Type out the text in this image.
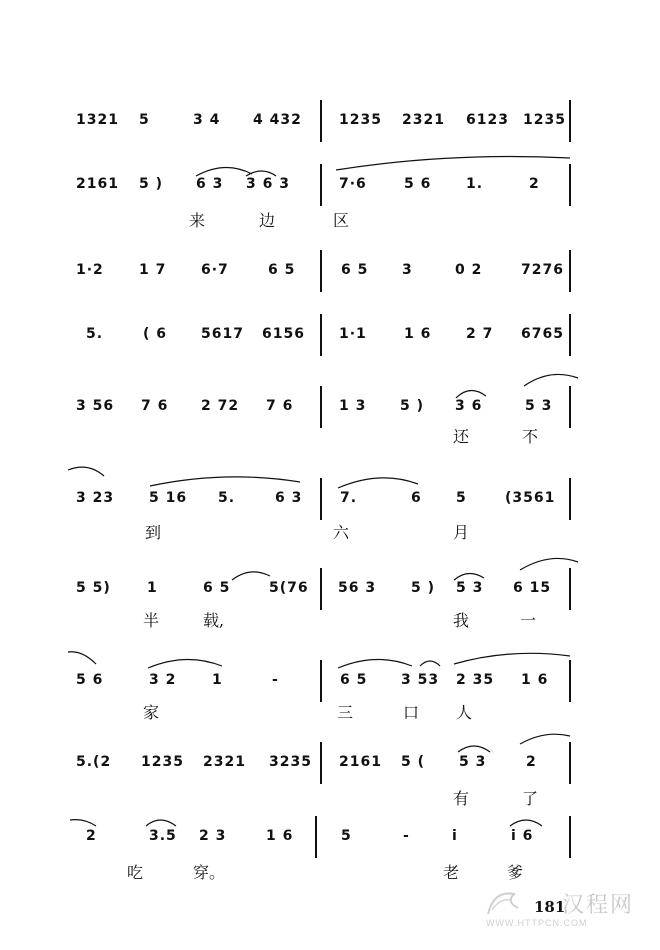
1321 5	3 4 4 432	1235 2321 6123 1235
2161 5 ) 6 3 3 6 3	7·6	5 6 1.	2
来	边	区
1·2	1 7 6·7	6 5	6 5 3	0 2	7276
5.	( 6 5617 6156 1·1	1 6 2 7 6765
3 56 7 6 2 72 7 6	1 3 5 ) 3 6	5 3
还	不
3 23 5 16 5.	6 3	7.	6 5	(3561
到	六	月
5 5)	1	6 5	5(76 56 3 5 ) 5 3 6 15
半	载,	我	一
5 6	3 2	1	-	6 5 3 53 2 35 1 6
家	三	口 人
5.(2 1235 2321 3235 2161 5 ( 5 3	2
有	了
2	3.5 2 3	1 6	5	-	i	i 6
吃	穿。	老	爹
181
汉程网
WWW.HTTPCN.COM
